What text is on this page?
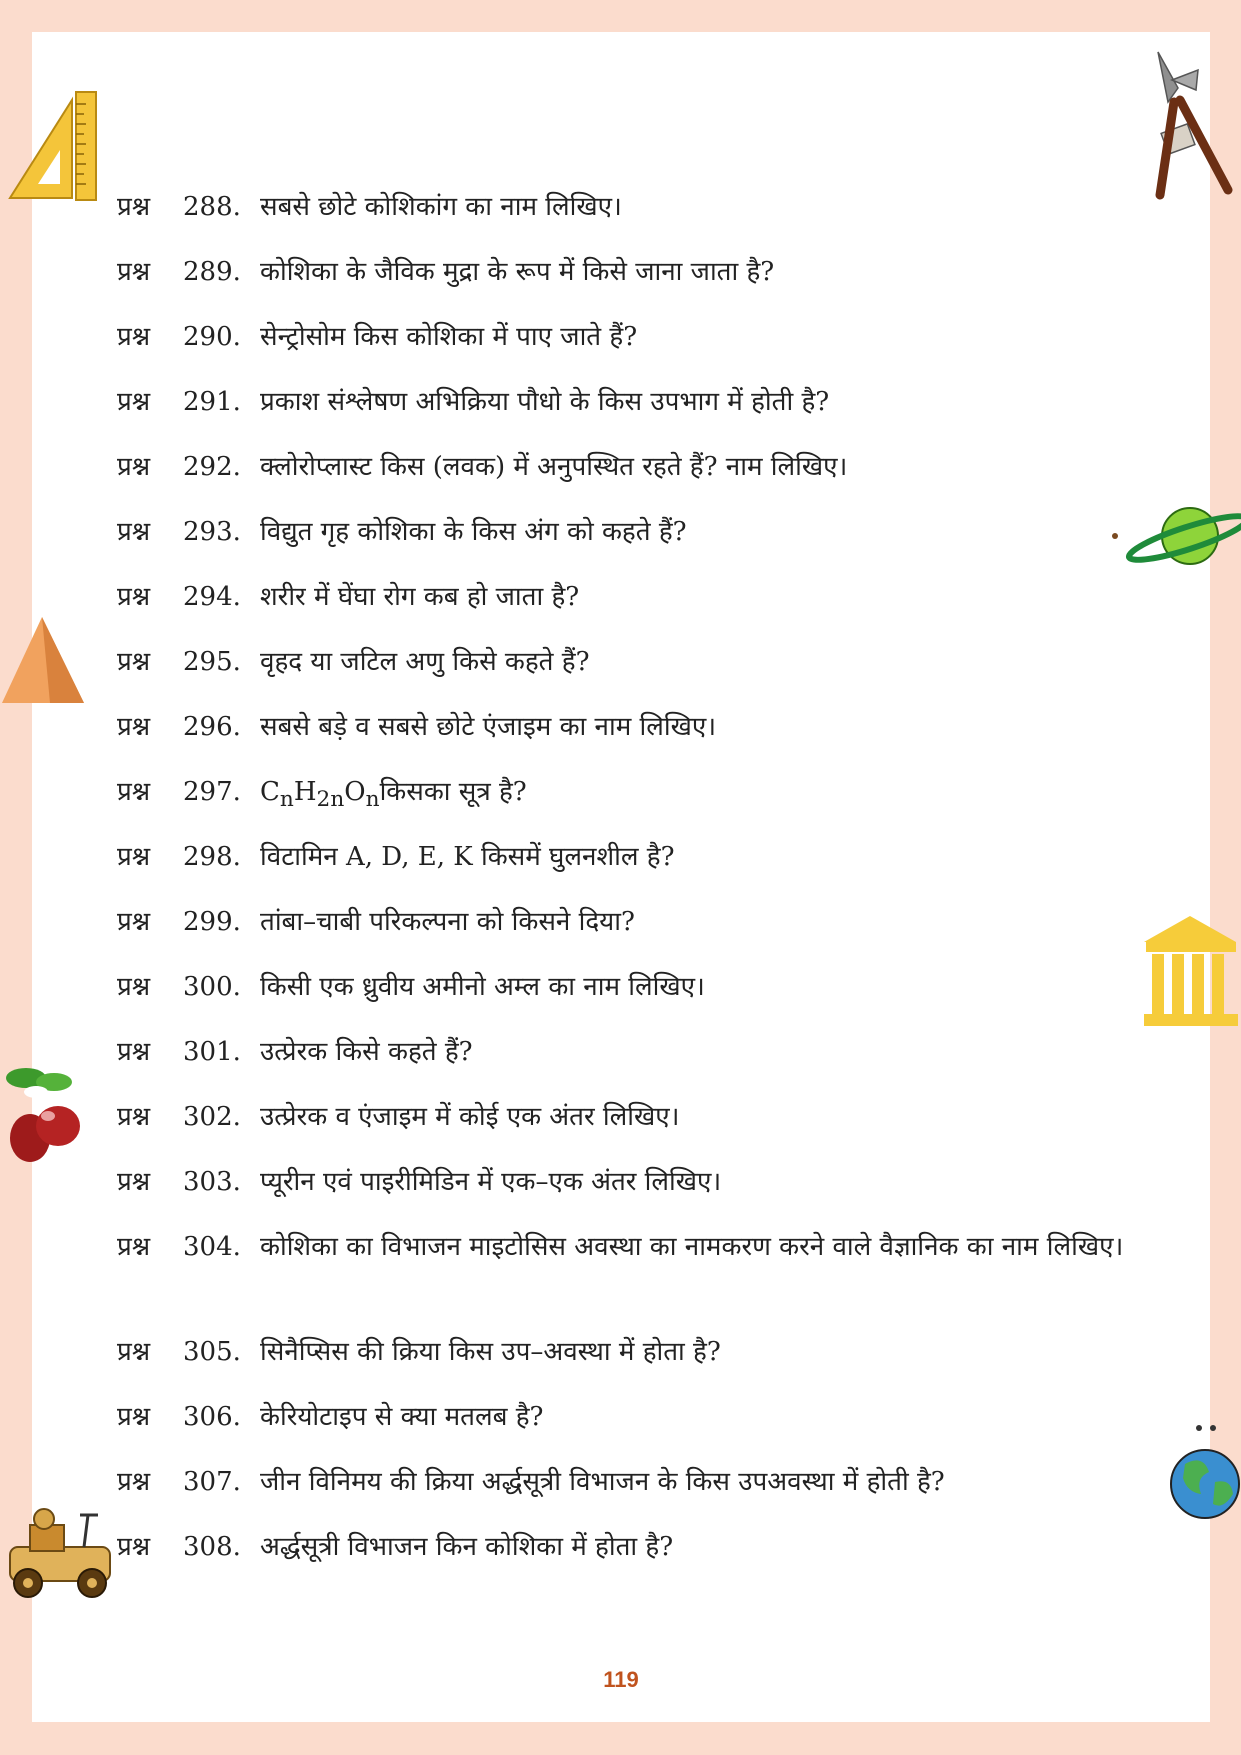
प्रश्न 288. सबसे छोटे कोशिकांग का नाम लिखिए।
प्रश्न 289. कोशिका के जैविक मुद्रा के रूप में किसे जाना जाता है?
प्रश्न 290. सेन्ट्रोसोम किस कोशिका में पाए जाते हैं?
प्रश्न 291. प्रकाश संश्लेषण अभिक्रिया पौधो के किस उपभाग में होती है?
प्रश्न 292. क्लोरोप्लास्ट किस (लवक) में अनुपस्थित रहते हैं? नाम लिखिए।
प्रश्न 293. विद्युत गृह कोशिका के किस अंग को कहते हैं?
प्रश्न 294. शरीर में घेंघा रोग कब हो जाता है?
प्रश्न 295. वृहद या जटिल अणु किसे कहते हैं?
प्रश्न 296. सबसे बड़े व सबसे छोटे एंजाइम का नाम लिखिए।
प्रश्न 297. $C_nH_{2n}O_nकिसका$ सूत्र है?
प्रश्न 298. विटामिन A, D, E, K किसमें घुलनशील है?
प्रश्न 299. तांबा–चाबी परिकल्पना को किसने दिया?
प्रश्न 300. किसी एक ध्रुवीय अमीनो अम्ल का नाम लिखिए।
प्रश्न 301. उत्प्रेरक किसे कहते हैं?
प्रश्न 302. उत्प्रेरक व एंजाइम में कोई एक अंतर लिखिए।
प्रश्न 303. प्यूरीन एवं पाइरीमिडिन में एक–एक अंतर लिखिए।
प्रश्न 304. कोशिका का विभाजन माइटोसिस अवस्था का नामकरण करने वाले वैज्ञानिक का नाम लिखिए।
प्रश्न 305. सिनैप्सिस की क्रिया किस उप–अवस्था में होता है?
प्रश्न 306. केरियोटाइप से क्या मतलब है?
प्रश्न 307. जीन विनिमय की क्रिया अर्द्धसूत्री विभाजन के किस उपअवस्था में होती है?
प्रश्न 308. अर्द्धसूत्री विभाजन किन कोशिका में होता है?
119
